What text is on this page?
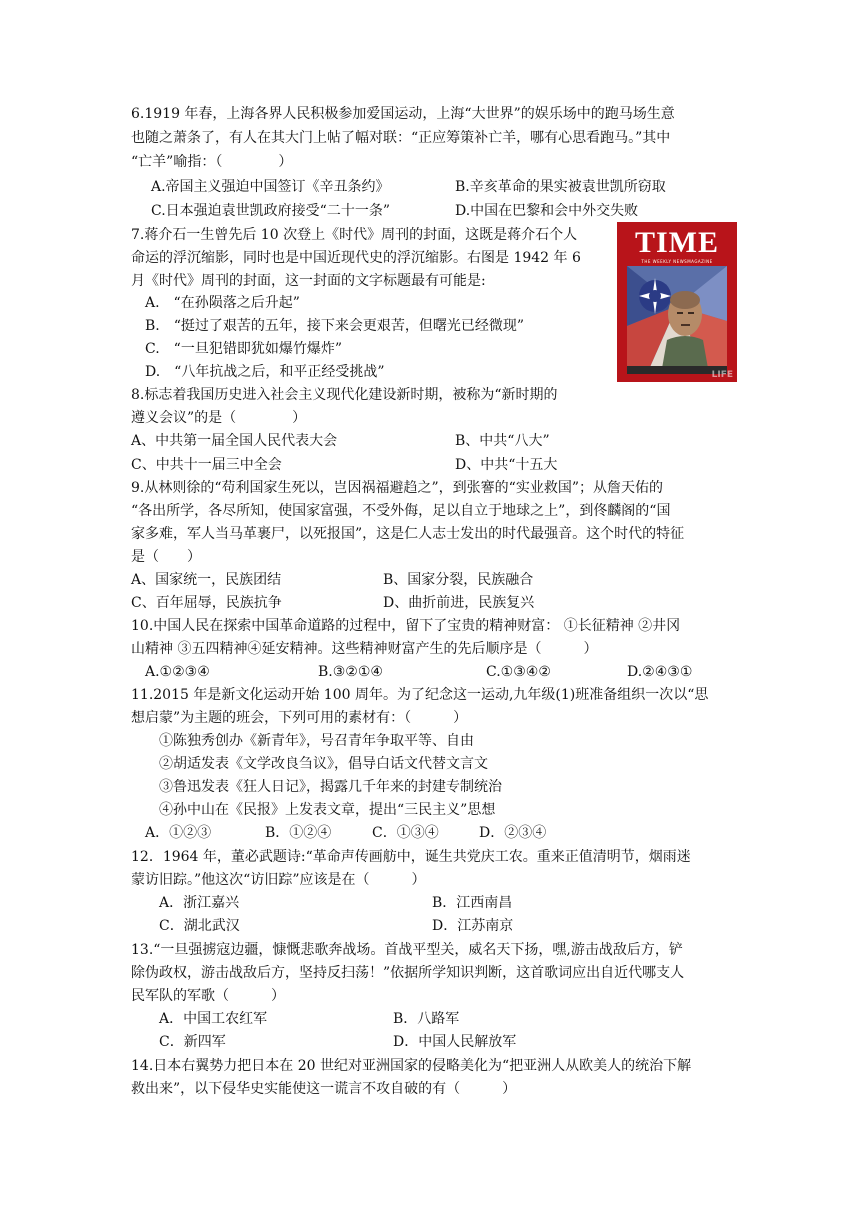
6.1919 年春，上海各界人民积极参加爱国运动，上海“大世界”的娱乐场中的跑马场生意
也随之萧条了，有人在其大门上帖了幅对联：“正应筹策补亡羊，哪有心思看跑马。”其中
“亡羊”喻指：（　　　　）
A.帝国主义强迫中国签订《辛丑条约》	B.辛亥革命的果实被袁世凯所窃取
C.日本强迫袁世凯政府接受“二十一条”	D.中国在巴黎和会中外交失败
7.蒋介石一生曾先后 10 次登上《时代》周刊的封面，这既是蒋介石个人
命运的浮沉缩影，同时也是中国近现代史的浮沉缩影。右图是 1942 年 6
月《时代》周刊的封面，这一封面的文字标题最有可能是:
A.　“在孙陨落之后升起”
B.　“挺过了艰苦的五年，接下来会更艰苦，但曙光已经微现”
C.　“一旦犯错即犹如爆竹爆炸”
D.　“八年抗战之后，和平正经受挑战”
TIME
THE WEEKLY NEWSMAGAZINE
LIFE
8.标志着我国历史进入社会主义现代化建设新时期，被称为“新时期的
遵义会议”的是（　　　　）
A、中共第一届全国人民代表大会	B、中共“八大”
C、中共十一届三中全会	D、中共“十五大
9.从林则徐的“苟利国家生死以，岂因祸福避趋之”，到张謇的“实业救国”；从詹天佑的
“各出所学，各尽所知，使国家富强，不受外侮，足以自立于地球之上”，到佟麟阁的“国
家多难，军人当马革裹尸，以死报国”，这是仁人志士发出的时代最强音。这个时代的特征
是（　　）
A、国家统一，民族团结	B、国家分裂，民族融合
C、百年屈辱，民族抗争	D、曲折前进，民族复兴
10.中国人民在探索中国革命道路的过程中，留下了宝贵的精神财富： ①长征精神 ②井冈
山精神 ③五四精神④延安精神。这些精神财富产生的先后顺序是（　　　）
A.①②③④	B.③②①④	C.①③④②	D.②④③①
11.2015 年是新文化运动开始 100 周年。为了纪念这一运动,九年级(1)班准备组织一次以“思
想启蒙”为主题的班会，下列可用的素材有：（　　　）
①陈独秀创办《新青年》，号召青年争取平等、自由
②胡适发表《文学改良刍议》，倡导白话文代替文言文
③鲁迅发表《狂人日记》，揭露几千年来的封建专制统治
④孙中山在《民报》上发表文章，提出“三民主义”思想
A．①②③	B．①②④	C．①③④	D．②③④
12．1964 年，董必武题诗:“革命声传画舫中，诞生共党庆工农。重来正值清明节，烟雨迷
蒙访旧踪。”他这次“访旧踪”应该是在（　　　）
A．浙江嘉兴	B．江西南昌
C．湖北武汉	D．江苏南京
13.“一旦强掳寇边疆，慷慨悲歌奔战场。首战平型关，威名天下扬，嘿,游击战敌后方，铲
除伪政权，游击战敌后方，坚持反扫荡！”依据所学知识判断，这首歌词应出自近代哪支人
民军队的军歌（　　　）
A．中国工农红军	B．八路军
C．新四军	D．中国人民解放军
14.日本右翼势力把日本在 20 世纪对亚洲国家的侵略美化为“把亚洲人从欧美人的统治下解
救出来”，以下侵华史实能使这一谎言不攻自破的有（　　　）
